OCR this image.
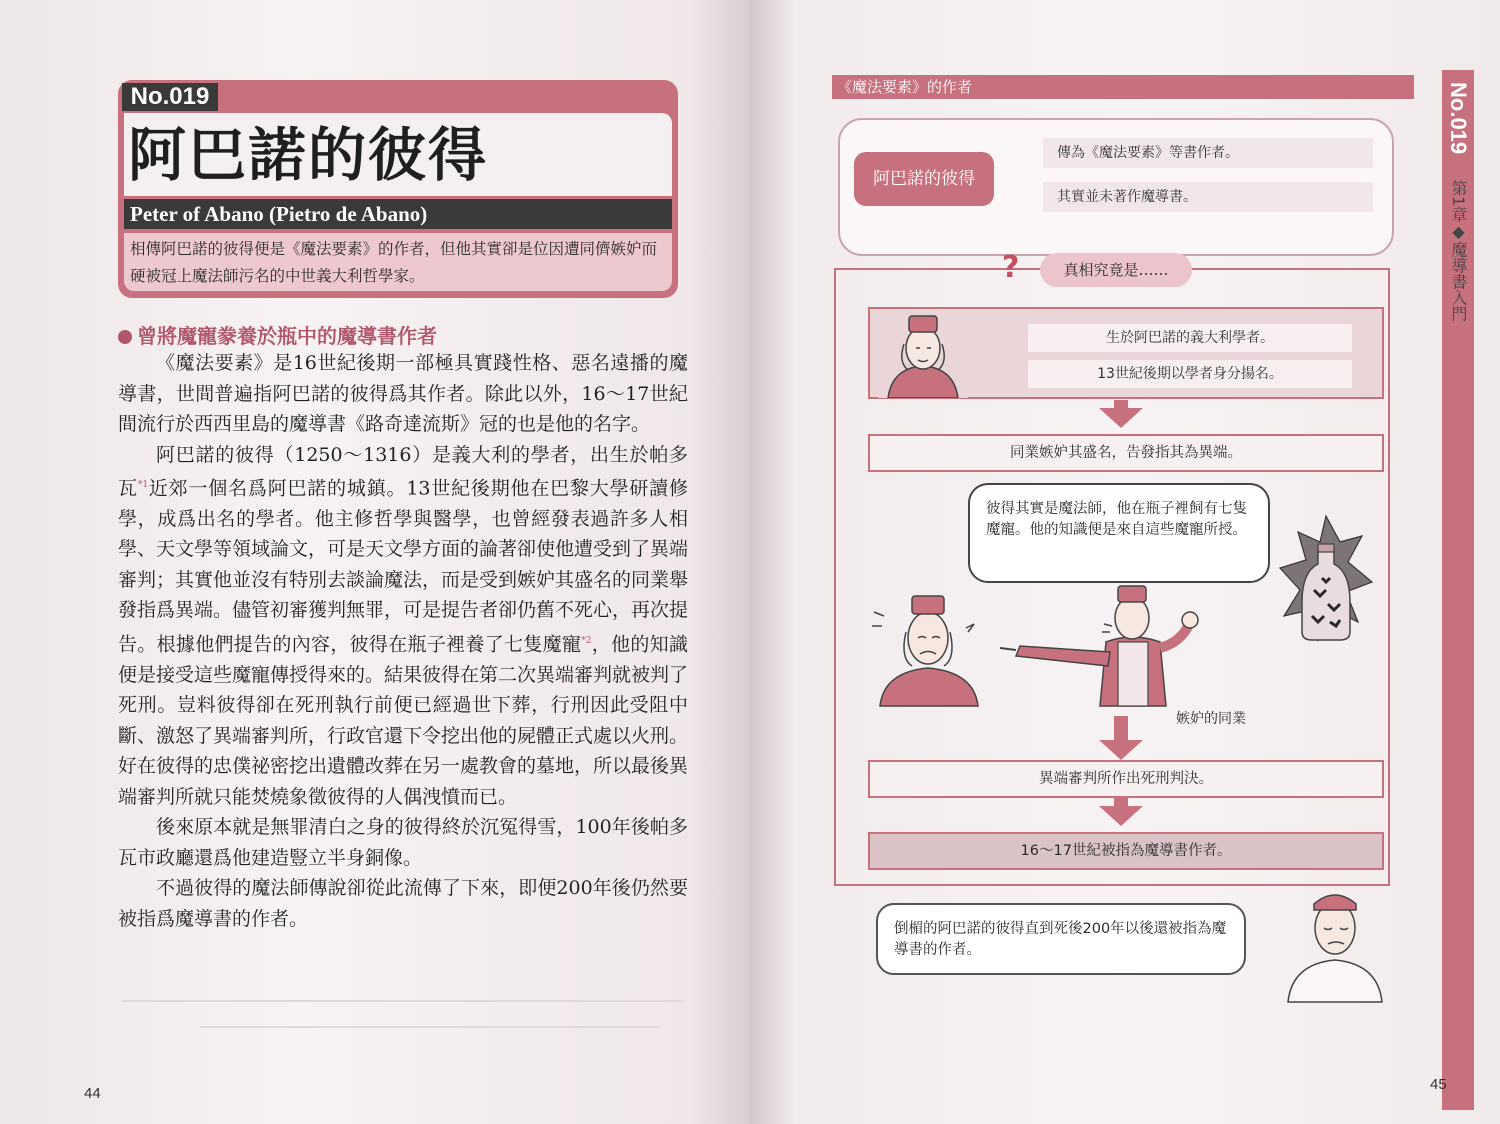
No.019
阿巴諾的彼得
Peter of Abano (Pietro de Abano)
相傳阿巴諾的彼得便是《魔法要素》的作者，但他其實卻是位因遭同儕嫉妒而硬被冠上魔法師污名的中世義大利哲學家。
曾將魔寵豢養於瓶中的魔導書作者

《魔法要素》是16世紀後期一部極具實踐性格、惡名遠播的魔導書，世間普遍指阿巴諾的彼得爲其作者。除此以外，16～17世紀間流行於西西里島的魔導書《路奇達流斯》冠的也是他的名字。

阿巴諾的彼得（1250～1316）是義大利的學者，出生於帕多瓦$^{*1}$近郊一個名爲阿巴諾的城鎮。13世紀後期他在巴黎大學研讀修學，成爲出名的學者。他主修哲學與醫學，也曾經發表過許多人相學、天文學等領域論文，可是天文學方面的論著卻使他遭受到了異端審判；其實他並沒有特別去談論魔法，而是受到嫉妒其盛名的同業舉發指爲異端。儘管初審獲判無罪，可是提告者卻仍舊不死心，再次提告。根據他們提告的內容，彼得在瓶子裡養了七隻魔寵$^{*2}$，他的知識便是接受這些魔寵傳授得來的。結果彼得在第二次異端審判就被判了死刑。豈料彼得卻在死刑執行前便已經過世下葬，行刑因此受阻中斷、激怒了異端審判所，行政官還下令挖出他的屍體正式處以火刑。好在彼得的忠僕祕密挖出遺體改葬在另一處教會的墓地，所以最後異端審判所就只能焚燒象徵彼得的人偶洩憤而已。

後來原本就是無罪清白之身的彼得終於沉冤得雪，100年後帕多瓦市政廳還爲他建造豎立半身銅像。

不過彼得的魔法師傳說卻從此流傳了下來，即便200年後仍然要被指爲魔導書的作者。

44
《魔法要素》的作者	No.019
第1章◆魔導書入門
阿巴諾的彼得
傳為《魔法要素》等書作者。
其實並未著作魔導書。
?	真相究竟是……
生於阿巴諾的義大利學者。
13世紀後期以學者身分揚名。
同業嫉妒其盛名，告發指其為異端。
彼得其實是魔法師，他在瓶子裡飼有七隻魔寵。他的知識便是來自這些魔寵所授。
嫉妒的同業
異端審判所作出死刑判決。
16～17世紀被指為魔導書作者。
倒楣的阿巴諾的彼得直到死後200年以後還被指為魔導書的作者。
45
